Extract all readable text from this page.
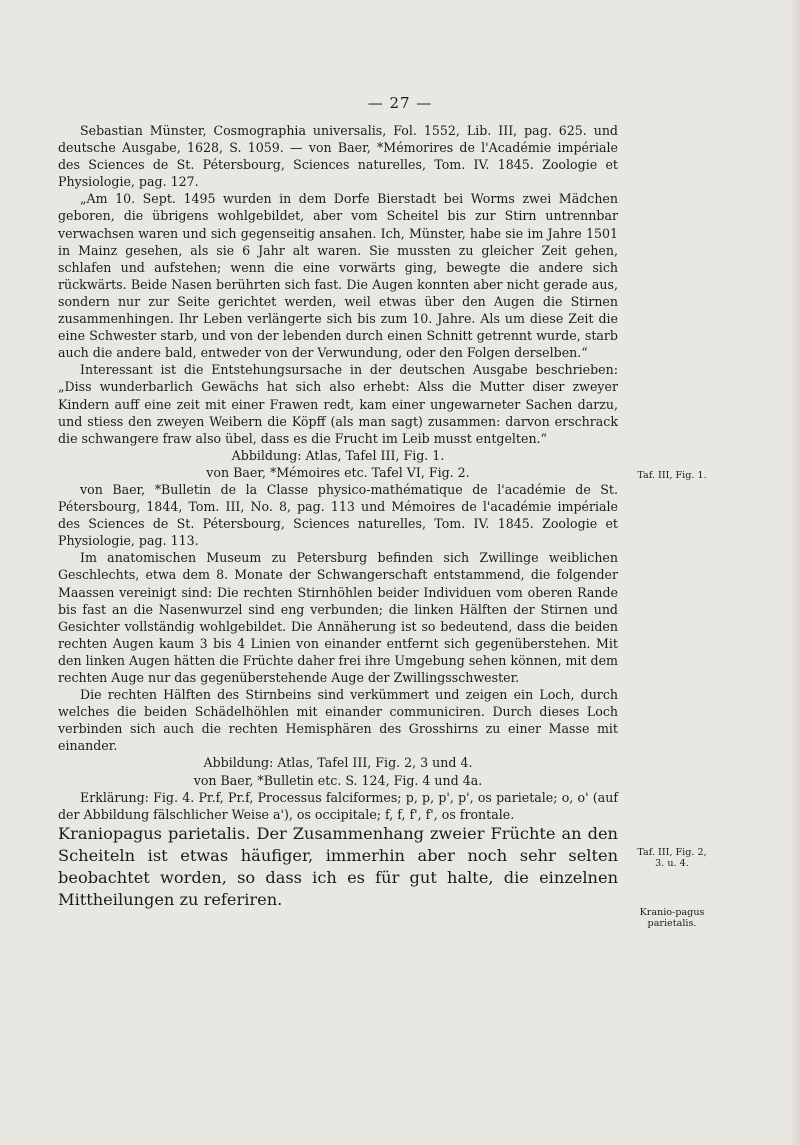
— 27 —

Sebastian Münster, Cosmographia universalis, Fol. 1552, Lib. III, pag. 625. und deutsche Ausgabe, 1628, S. 1059. — von Baer, *Mémorires de l'Académie impériale des Sciences de St. Pétersbourg, Sciences naturelles, Tom. IV. 1845. Zoologie et Physiologie, pag. 127.

„Am 10. Sept. 1495 wurden in dem Dorfe Bierstadt bei Worms zwei Mädchen geboren, die übrigens wohlgebildet, aber vom Scheitel bis zur Stirn untrennbar verwachsen waren und sich gegenseitig ansahen. Ich, Münster, habe sie im Jahre 1501 in Mainz gesehen, als sie 6 Jahr alt waren. Sie mussten zu gleicher Zeit gehen, schlafen und aufstehen; wenn die eine vorwärts ging, bewegte die andere sich rückwärts. Beide Nasen berührten sich fast. Die Augen konnten aber nicht gerade aus, sondern nur zur Seite gerichtet werden, weil etwas über den Augen die Stirnen zusammenhingen. Ihr Leben verlängerte sich bis zum 10. Jahre. Als um diese Zeit die eine Schwester starb, und von der lebenden durch einen Schnitt getrennt wurde, starb auch die andere bald, entweder von der Verwundung, oder den Folgen derselben.“

Interessant ist die Entstehungsursache in der deutschen Ausgabe beschrieben: „Diss wunderbarlich Gewächs hat sich also erhebt: Alss die Mutter diser zweyer Kindern auff eine zeit mit einer Frawen redt, kam einer ungewarneter Sachen darzu, und stiess den zweyen Weibern die Köpff (als man sagt) zusammen: darvon erschrack die schwangere fraw also übel, dass es die Frucht im Leib musst entgelten.“

Abbildung: Atlas, Tafel III, Fig. 1.

von Baer, *Mémoires etc. Tafel VI, Fig. 2.

von Baer, *Bulletin de la Classe physico-mathématique de l'académie de St. Pétersbourg, 1844, Tom. III, No. 8, pag. 113 und Mémoires de l'académie impériale des Sciences de St. Pétersbourg, Sciences naturelles, Tom. IV. 1845. Zoologie et Physiologie, pag. 113.

Im anatomischen Museum zu Petersburg befinden sich Zwillinge weiblichen Geschlechts, etwa dem 8. Monate der Schwangerschaft entstammend, die folgender Maassen vereinigt sind: Die rechten Stirnhöhlen beider Individuen vom oberen Rande bis fast an die Nasenwurzel sind eng verbunden; die linken Hälften der Stirnen und Gesichter vollständig wohlgebildet. Die Annäherung ist so bedeutend, dass die beiden rechten Augen kaum 3 bis 4 Linien von einander entfernt sich gegenüberstehen. Mit den linken Augen hätten die Früchte daher frei ihre Umgebung sehen können, mit dem rechten Auge nur das gegenüberstehende Auge der Zwillingsschwester.

Die rechten Hälften des Stirnbeins sind verkümmert und zeigen ein Loch, durch welches die beiden Schädelhöhlen mit einander communiciren. Durch dieses Loch verbinden sich auch die rechten Hemisphären des Grosshirns zu einer Masse mit einander.

Abbildung: Atlas, Tafel III, Fig. 2, 3 und 4.

von Baer, *Bulletin etc. S. 124, Fig. 4 und 4a.

Erklärung: Fig. 4. Pr.f, Pr.f, Processus falciformes; p, p, p', p', os parietale; o, o' (auf der Abbildung fälschlicher Weise a'), os occipitale; f, f, f', f', os frontale.

Kraniopagus parietalis. Der Zusammenhang zweier Früchte an den Scheiteln ist etwas häufiger, immerhin aber noch sehr selten beobachtet worden, so dass ich es für gut halte, die einzelnen Mittheilungen zu referiren.

Taf. III, Fig. 1.
Taf. III, Fig. 2, 3. u. 4.
Kranio-pagus parietalis.
